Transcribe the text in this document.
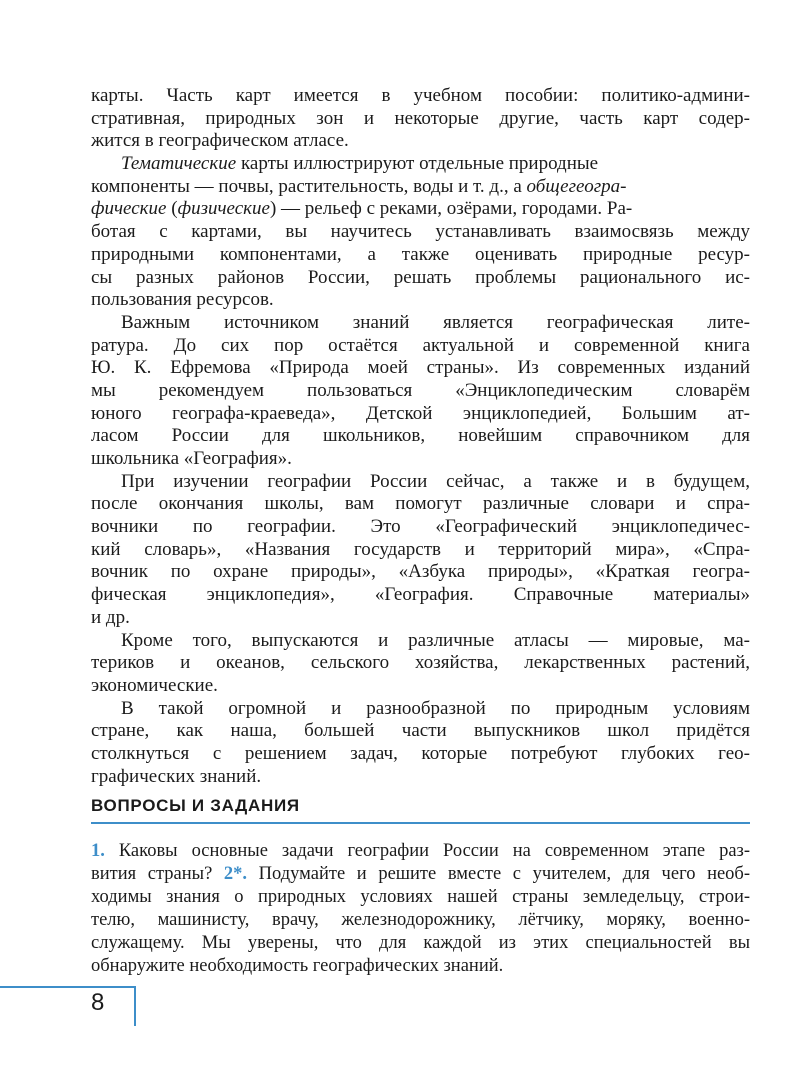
карты. Часть карт имеется в учебном пособии: политико-админи-
стративная, природных зон и некоторые другие, часть карт содер-
жится в географическом атласе.
Тематические карты иллюстрируют отдельные природные
компоненты — почвы, растительность, воды и т. д., а общегеогра-
фические (физические) — рельеф с реками, озёрами, городами. Ра-
ботая с картами, вы научитесь устанавливать взаимосвязь между
природными компонентами, а также оценивать природные ресур-
сы разных районов России, решать проблемы рационального ис-
пользования ресурсов.
Важным источником знаний является географическая лите-
ратура. До сих пор остаётся актуальной и современной книга
Ю. К. Ефремова «Природа моей страны». Из современных изданий
мы рекомендуем пользоваться «Энциклопедическим словарём
юного географа-краеведа», Детской энциклопедией, Большим ат-
ласом России для школьников, новейшим справочником для
школьника «География».
При изучении географии России сейчас, а также и в будущем,
после окончания школы, вам помогут различные словари и спра-
вочники по географии. Это «Географический энциклопедичес-
кий словарь», «Названия государств и территорий мира», «Спра-
вочник по охране природы», «Азбука природы», «Краткая геогра-
фическая энциклопедия», «География. Справочные материалы»
и др.
Кроме того, выпускаются и различные атласы — мировые, ма-
териков и океанов, сельского хозяйства, лекарственных растений,
экономические.
В такой огромной и разнообразной по природным условиям
стране, как наша, большей части выпускников школ придётся
столкнуться с решением задач, которые потребуют глубоких гео-
графических знаний.
ВОПРОСЫ И ЗАДАНИЯ
1. Каковы основные задачи географии России на современном этапе раз-
вития страны? 2*. Подумайте и решите вместе с учителем, для чего необ-
ходимы знания о природных условиях нашей страны земледельцу, строи-
телю, машинисту, врачу, железнодорожнику, лётчику, моряку, военно-
служащему. Мы уверены, что для каждой из этих специальностей вы
обнаружите необходимость географических знаний.
8
